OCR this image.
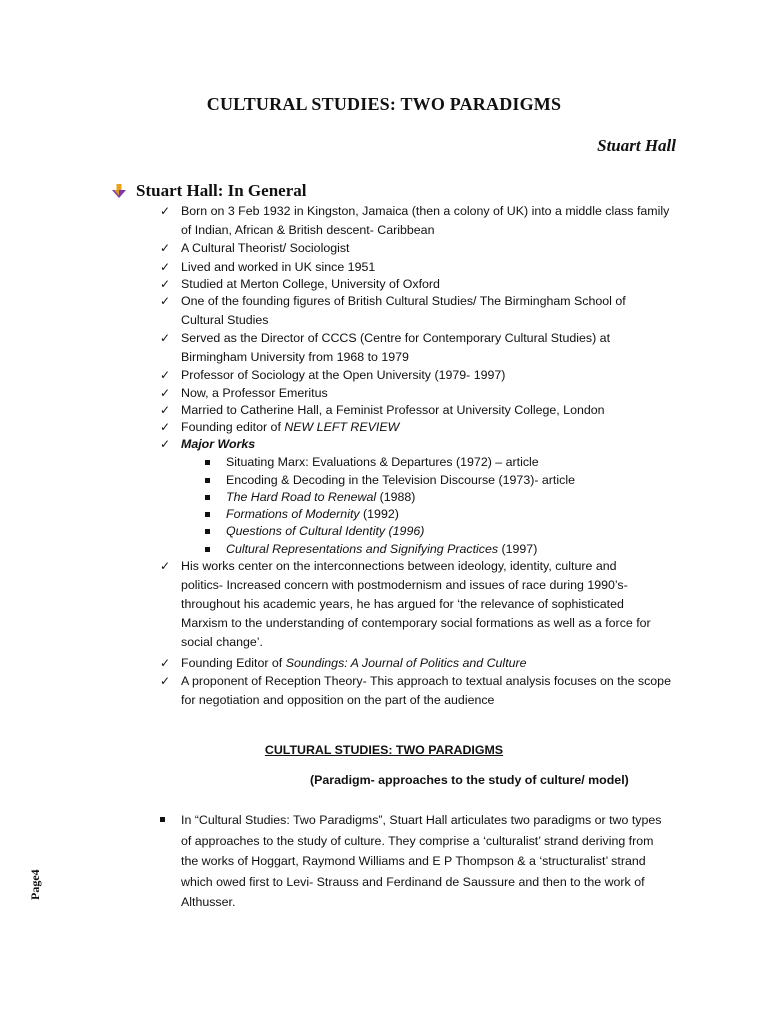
CULTURAL STUDIES: TWO PARADIGMS
Stuart Hall
Stuart Hall: In General
✓ Born on 3 Feb 1932 in Kingston, Jamaica (then a colony of UK) into a middle class family
of Indian, African & British descent- Caribbean
✓ A Cultural Theorist/ Sociologist
✓ Lived and worked in UK since 1951
✓ Studied at Merton College, University of Oxford
✓ One of the founding figures of British Cultural Studies/ The Birmingham School of
Cultural Studies
✓ Served as the Director of CCCS (Centre for Contemporary Cultural Studies) at
Birmingham University from 1968 to 1979
✓ Professor of Sociology at the Open University (1979- 1997)
✓ Now, a Professor Emeritus
✓ Married to Catherine Hall, a Feminist Professor at University College, London
✓ Founding editor of NEW LEFT REVIEW
✓ Major Works
Situating Marx: Evaluations & Departures (1972) – article
Encoding & Decoding in the Television Discourse (1973)- article
The Hard Road to Renewal (1988)
Formations of Modernity (1992)
Questions of Cultural Identity (1996)
Cultural Representations and Signifying Practices (1997)
✓ His works center on the interconnections between ideology, identity, culture and
politics- Increased concern with postmodernism and issues of race during 1990’s-
throughout his academic years, he has argued for ‘the relevance of sophisticated
Marxism to the understanding of contemporary social formations as well as a force for
social change’.
✓ Founding Editor of Soundings: A Journal of Politics and Culture
✓ A proponent of Reception Theory- This approach to textual analysis focuses on the scope
for negotiation and opposition on the part of the audience
CULTURAL STUDIES: TWO PARADIGMS
(Paradigm- approaches to the study of culture/ model)
In “Cultural Studies: Two Paradigms”, Stuart Hall articulates two paradigms or two types
of approaches to the study of culture. They comprise a ‘culturalist’ strand deriving from
the works of Hoggart, Raymond Williams and E P Thompson & a ‘structuralist’ strand
which owed first to Levi- Strauss and Ferdinand de Saussure and then to the work of
Althusser.
Page4
